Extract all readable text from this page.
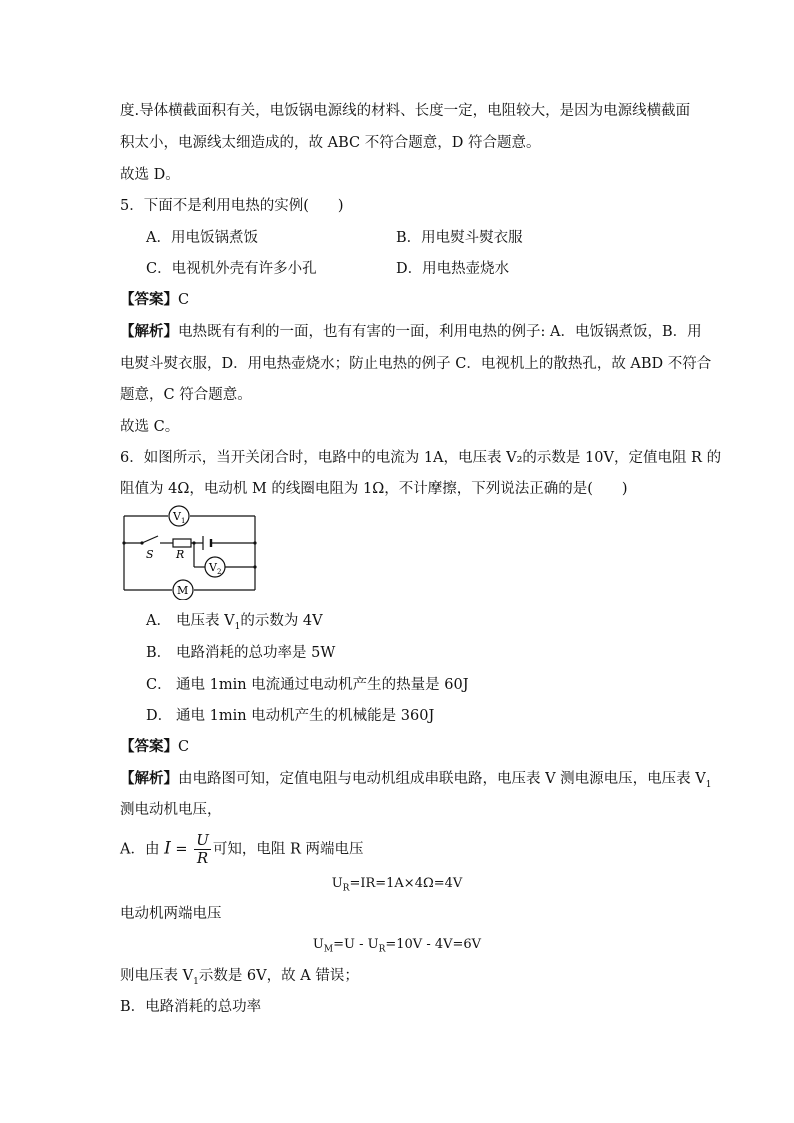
度.导体横截面积有关，电饭锅电源线的材料、长度一定，电阻较大，是因为电源线横截面
积太小，电源线太细造成的，故 ABC 不符合题意，D 符合题意。
故选 D。
5．下面不是利用电热的实例(　　)
A．用电饭锅煮饭	B．用电熨斗熨衣服
C．电视机外壳有许多小孔	D．用电热壶烧水
【答案】C
【解析】电热既有有利的一面，也有有害的一面，利用电热的例子: A．电饭锅煮饭，B．用
电熨斗熨衣服，D．用电热壶烧水；防止电热的例子 C．电视机上的散热孔，故 ABD 不符合
题意，C 符合题意。
故选 C。
6．如图所示，当开关闭合时，电路中的电流为 1A，电压表 V₂的示数是 10V，定值电阻 R 的
阻值为 4Ω，电动机 M 的线圈电阻为 1Ω，不计摩擦，下列说法正确的是(　　)
V 1
V 2
M
S R
A． 电压表 $V_1$的示数为 4V
B． 电路消耗的总功率是 5W
C． 通电 1min 电流通过电动机产生的热量是 60J
D． 通电 1min 电动机产生的机械能是 360J
【答案】C
【解析】由电路图可知，定值电阻与电动机组成串联电路，电压表 V 测电源电压，电压表 $V_1$
测电动机电压，
A．由 $I = \frac{U}{R}$ 可知，电阻 R 两端电压
$U_R=IR=1A\times 4\Omega=4V$
电动机两端电压
$U_M=U - U_R=10V - 4V=6V$
则电压表 $V_1$示数是 6V，故 A 错误；
B．电路消耗的总功率
